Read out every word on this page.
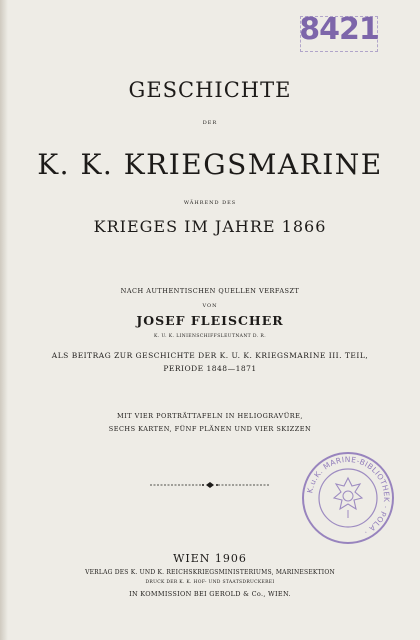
8421
GESCHICHTE
DER
K. K. KRIEGSMARINE
WÄHREND DES
KRIEGES IM JAHRE 1866
NACH AUTHENTISCHEN QUELLEN VERFASZT
VON
JOSEF FLEISCHER
K. U. K. LINIENSCHIFFSLEUTNANT D. R.
ALS BEITRAG ZUR GESCHICHTE DER K. U. K. KRIEGSMARINE III. TEIL,
PERIODE 1848—1871
MIT VIER PORTRÄTTAFELN IN HELIOGRAVÜRE,
SECHS KARTEN, FÜNF PLÄNEN UND VIER SKIZZEN
WIEN 1906
VERLAG DES K. UND K. REICHSKRIEGSMINISTERIUMS, MARINESEKTION
DRUCK DER K. K. HOF- UND STAATSDRUCKEREI
IN KOMMISSION BEI GEROLD & Co., WIEN.
K.u.K. MARINE-BIBLIOTHEK · POLA ·
